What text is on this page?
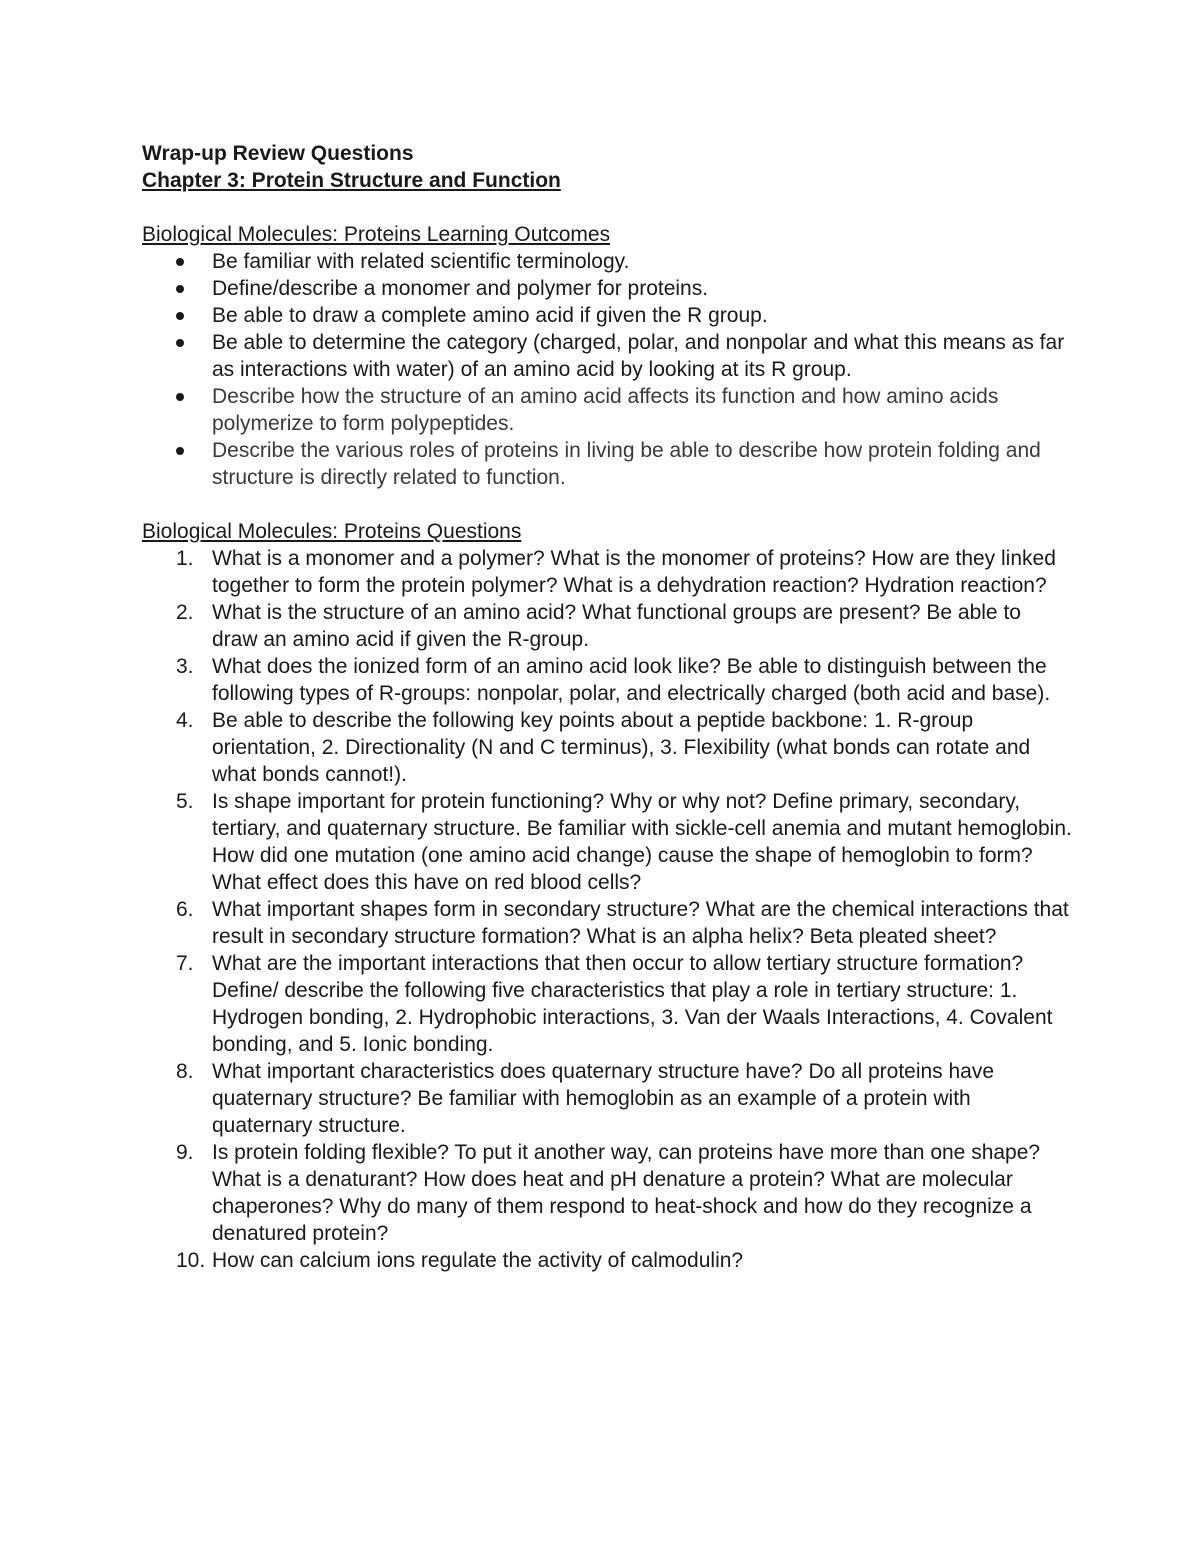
Wrap-up Review Questions

Chapter 3: Protein Structure and Function

Biological Molecules: Proteins Learning Outcomes

Be familiar with related scientific terminology.
Define/describe a monomer and polymer for proteins.
Be able to draw a complete amino acid if given the R group.
Be able to determine the category (charged, polar, and nonpolar and what this means as far as interactions with water) of an amino acid by looking at its R group.
Describe how the structure of an amino acid affects its function and how amino acids polymerize to form polypeptides.
Describe the various roles of proteins in living be able to describe how protein folding and structure is directly related to function.

Biological Molecules: Proteins Questions

1. What is a monomer and a polymer? What is the monomer of proteins? How are they linked together to form the protein polymer? What is a dehydration reaction? Hydration reaction?
2. What is the structure of an amino acid? What functional groups are present? Be able to draw an amino acid if given the R-group.
3. What does the ionized form of an amino acid look like? Be able to distinguish between the following types of R-groups: nonpolar, polar, and electrically charged (both acid and base).
4. Be able to describe the following key points about a peptide backbone: 1. R-group orientation, 2. Directionality (N and C terminus), 3. Flexibility (what bonds can rotate and what bonds cannot!).
5. Is shape important for protein functioning? Why or why not? Define primary, secondary, tertiary, and quaternary structure. Be familiar with sickle-cell anemia and mutant hemoglobin. How did one mutation (one amino acid change) cause the shape of hemoglobin to form? What effect does this have on red blood cells?
6. What important shapes form in secondary structure? What are the chemical interactions that result in secondary structure formation? What is an alpha helix? Beta pleated sheet?
7. What are the important interactions that then occur to allow tertiary structure formation? Define/ describe the following five characteristics that play a role in tertiary structure: 1. Hydrogen bonding, 2. Hydrophobic interactions, 3. Van der Waals Interactions, 4. Covalent bonding, and 5. Ionic bonding.
8. What important characteristics does quaternary structure have? Do all proteins have quaternary structure? Be familiar with hemoglobin as an example of a protein with quaternary structure.
9. Is protein folding flexible? To put it another way, can proteins have more than one shape? What is a denaturant? How does heat and pH denature a protein? What are molecular chaperones? Why do many of them respond to heat-shock and how do they recognize a denatured protein?
10. How can calcium ions regulate the activity of calmodulin?
